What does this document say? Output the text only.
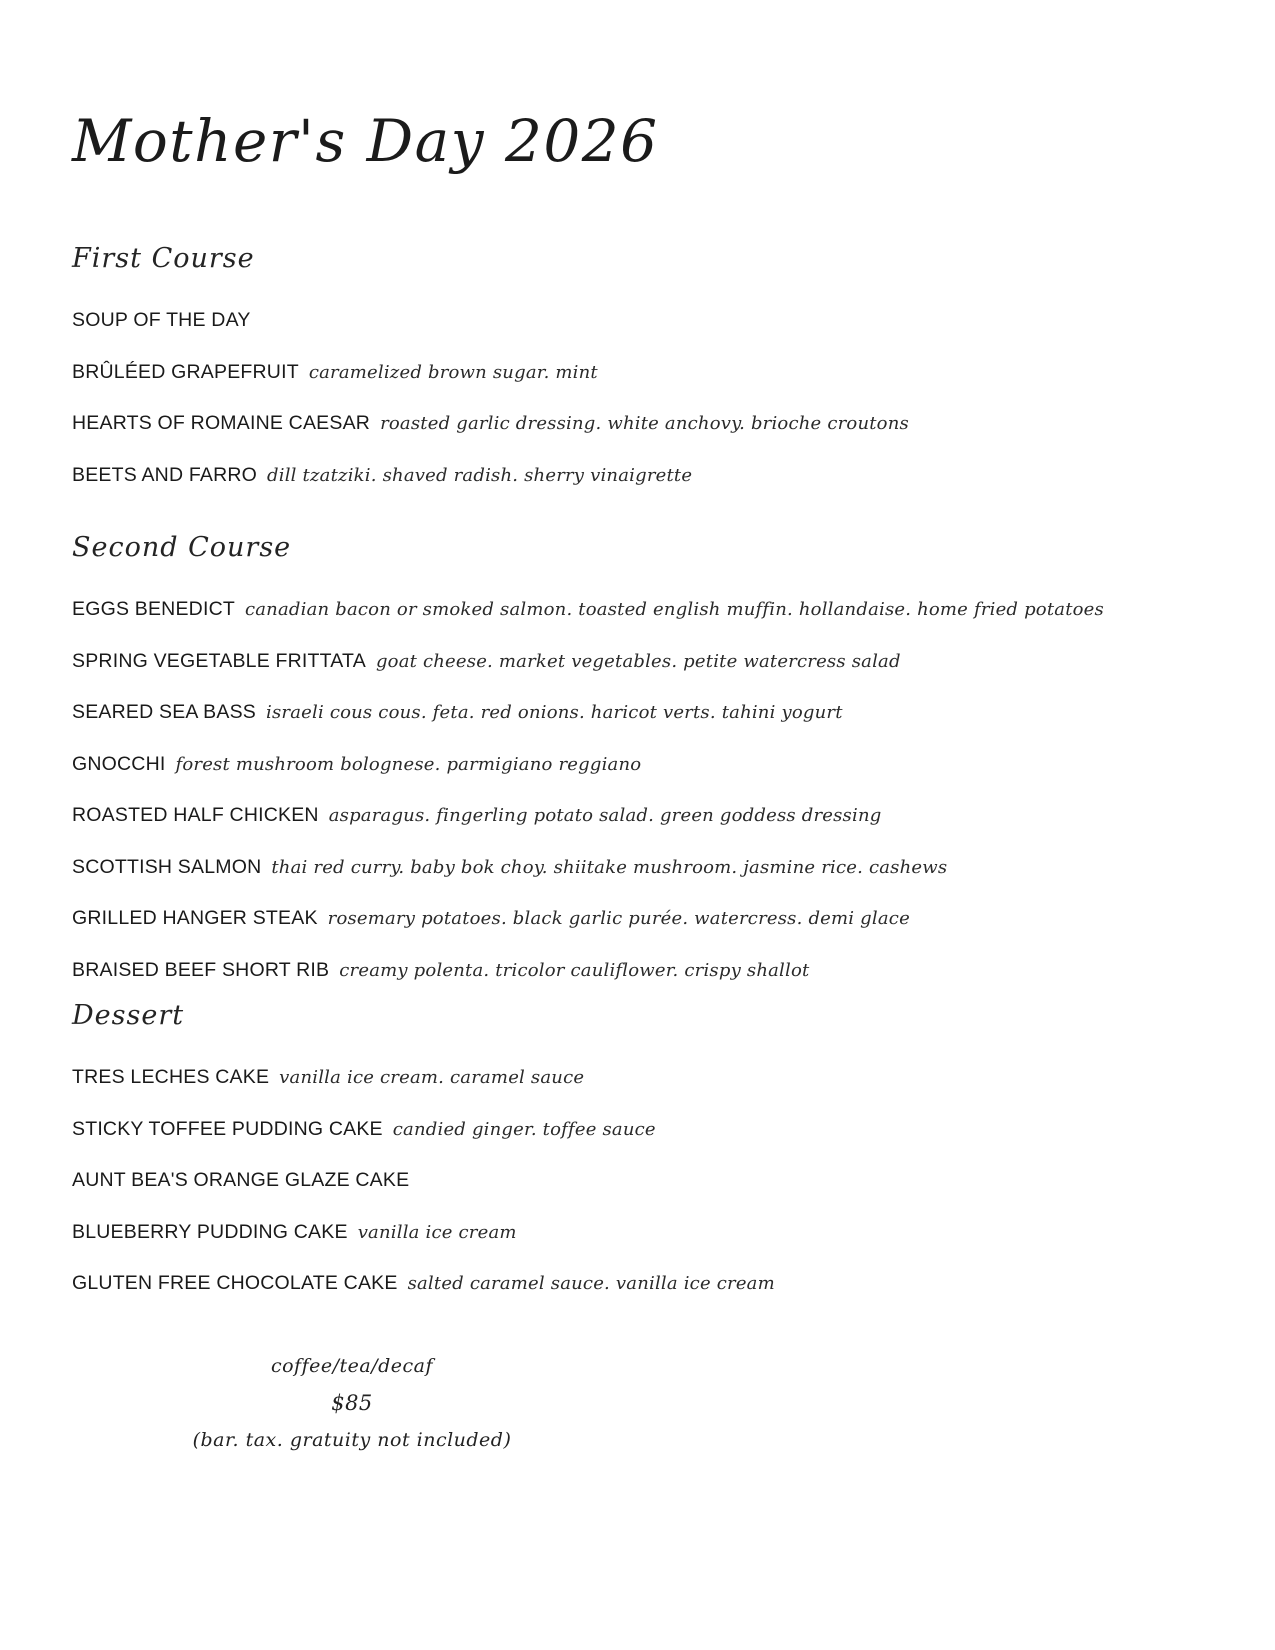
Mother's Day 2026
First Course
SOUP OF THE DAY
BRÛLÉED GRAPEFRUIT caramelized brown sugar. mint
HEARTS OF ROMAINE CAESAR roasted garlic dressing. white anchovy. brioche croutons
BEETS AND FARRO dill tzatziki. shaved radish. sherry vinaigrette
Second Course
EGGS BENEDICT canadian bacon or smoked salmon. toasted english muffin. hollandaise. home fried potatoes
SPRING VEGETABLE FRITTATA goat cheese. market vegetables. petite watercress salad
SEARED SEA BASS israeli cous cous. feta. red onions. haricot verts. tahini yogurt
GNOCCHI forest mushroom bolognese. parmigiano reggiano
ROASTED HALF CHICKEN asparagus. fingerling potato salad. green goddess dressing
SCOTTISH SALMON thai red curry. baby bok choy. shiitake mushroom. jasmine rice. cashews
GRILLED HANGER STEAK rosemary potatoes. black garlic purée. watercress. demi glace
BRAISED BEEF SHORT RIB creamy polenta. tricolor cauliflower. crispy shallot
Dessert
TRES LECHES CAKE vanilla ice cream. caramel sauce
STICKY TOFFEE PUDDING CAKE candied ginger. toffee sauce
AUNT BEA'S ORANGE GLAZE CAKE
BLUEBERRY PUDDING CAKE vanilla ice cream
GLUTEN FREE CHOCOLATE CAKE salted caramel sauce. vanilla ice cream
coffee/tea/decaf
$85
(bar. tax. gratuity not included)
